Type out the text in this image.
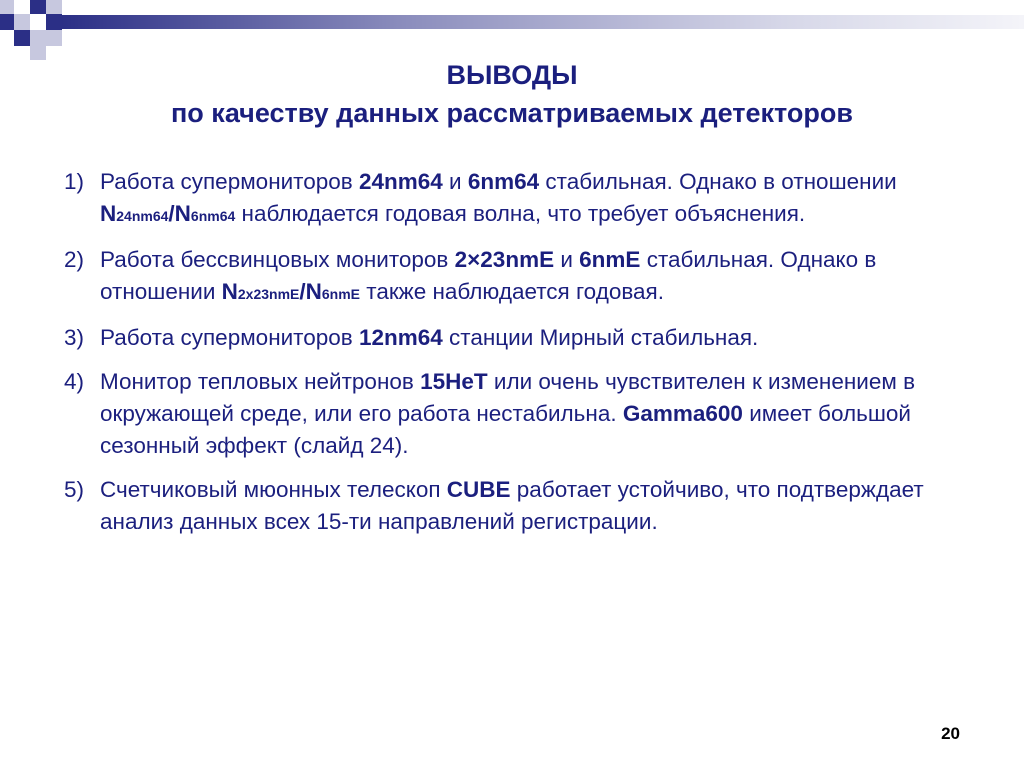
ВЫВОДЫ
по качеству данных рассматриваемых детекторов
1) Работа супермониторов 24nm64 и 6nm64 стабильная. Однако в отношении N24nm64/N6nm64 наблюдается годовая волна, что требует объяснения.
2) Работа бессвинцовых мониторов 2×23nmE и 6nmE стабильная. Однако в отношении N2x23nmE/N6nmE также наблюдается годовая.
3) Работа супермониторов 12nm64 станции Мирный стабильная.
4) Монитор тепловых нейтронов 15HeT или очень чувствителен к изменением в окружающей среде, или его работа нестабильна. Gamma600 имеет большой сезонный эффект (слайд 24).
5) Счетчиковый мюонных телескоп CUBE работает устойчиво, что подтверждает анализ данных всех 15-ти направлений регистрации.
20
